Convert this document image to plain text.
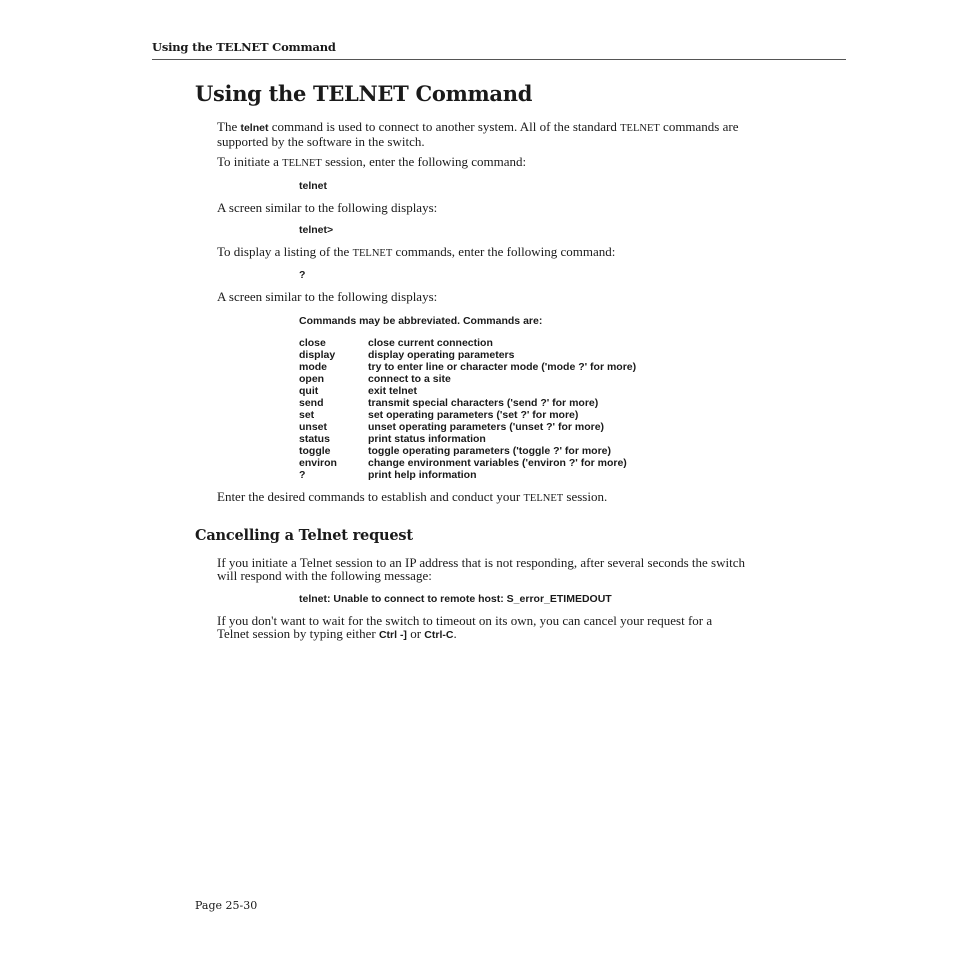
Using the TELNET Command
Using the TELNET Command
The telnet command is used to connect to another system. All of the standard TELNET commands are supported by the software in the switch.
To initiate a TELNET session, enter the following command:
telnet
A screen similar to the following displays:
telnet>
To display a listing of the TELNET commands, enter the following command:
?
A screen similar to the following displays:
Commands may be abbreviated. Commands are:
close	close current connection
display	display operating parameters
mode	try to enter line or character mode ('mode ?' for more)
open	connect to a site
quit	exit telnet
send	transmit special characters ('send ?' for more)
set	set operating parameters ('set ?' for more)
unset	unset operating parameters ('unset ?' for more)
status	print status information
toggle	toggle operating parameters ('toggle ?' for more)
environ	change environment variables ('environ ?' for more)
?	print help information
Enter the desired commands to establish and conduct your TELNET session.
Cancelling a Telnet request
If you initiate a Telnet session to an IP address that is not responding, after several seconds the switch will respond with the following message:
telnet: Unable to connect to remote host: S_error_ETIMEDOUT
If you don't want to wait for the switch to timeout on its own, you can cancel your request for a Telnet session by typing either Ctrl -] or Ctrl-C.
Page 25-30
